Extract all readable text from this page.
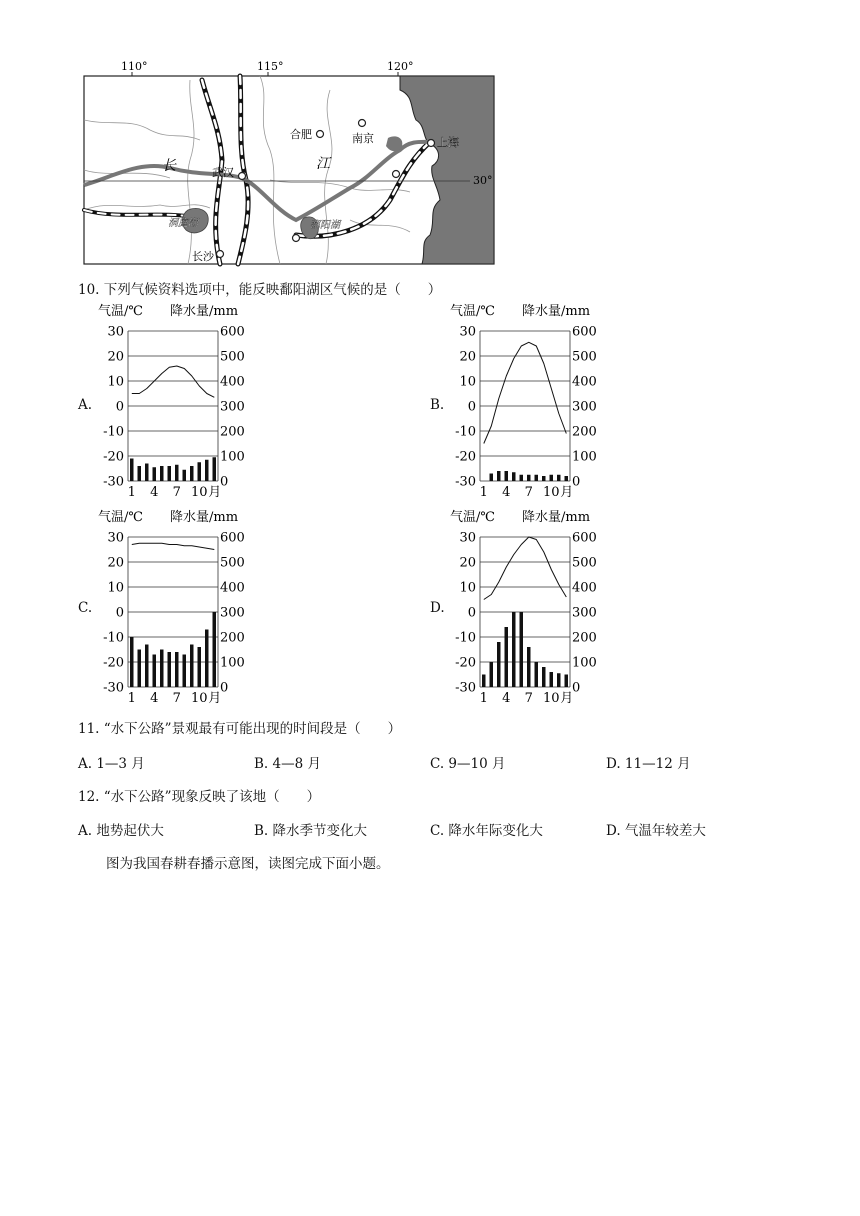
110°	115°	120°
30°
合肥	南京	上海
武汉
长沙
长	江
洞庭湖	鄱阳湖
10. 下列气候资料选项中，能反映鄱阳湖区气候的是（　　）
气温/℃ 降水量/mm
30	600
20	500
10	400
0	300
-10	200
-20	100
-30	0
1 4 7 10 月
气温/℃ 降水量/mm
30	600
20	500
10	400
0	300
-10	200
-20	100
-30	0
1 4 7 10 月
气温/℃ 降水量/mm
30	600
20	500
10	400
0	300
-10	200
-20	100
-30	0
1 4 7 10 月
气温/℃ 降水量/mm
30	600
20	500
10	400
0	300
-10	200
-20	100
-30	0
1 4 7 10 月
A.	B.
C.	D.
11. “水下公路”景观最有可能出现的时间段是（　　）
A. 1—3 月	B. 4—8 月	C. 9—10 月	D. 11—12 月
12. “水下公路”现象反映了该地（　　）
A. 地势起伏大	B. 降水季节变化大	C. 降水年际变化大	D. 气温年较差大
图为我国春耕春播示意图，读图完成下面小题。
